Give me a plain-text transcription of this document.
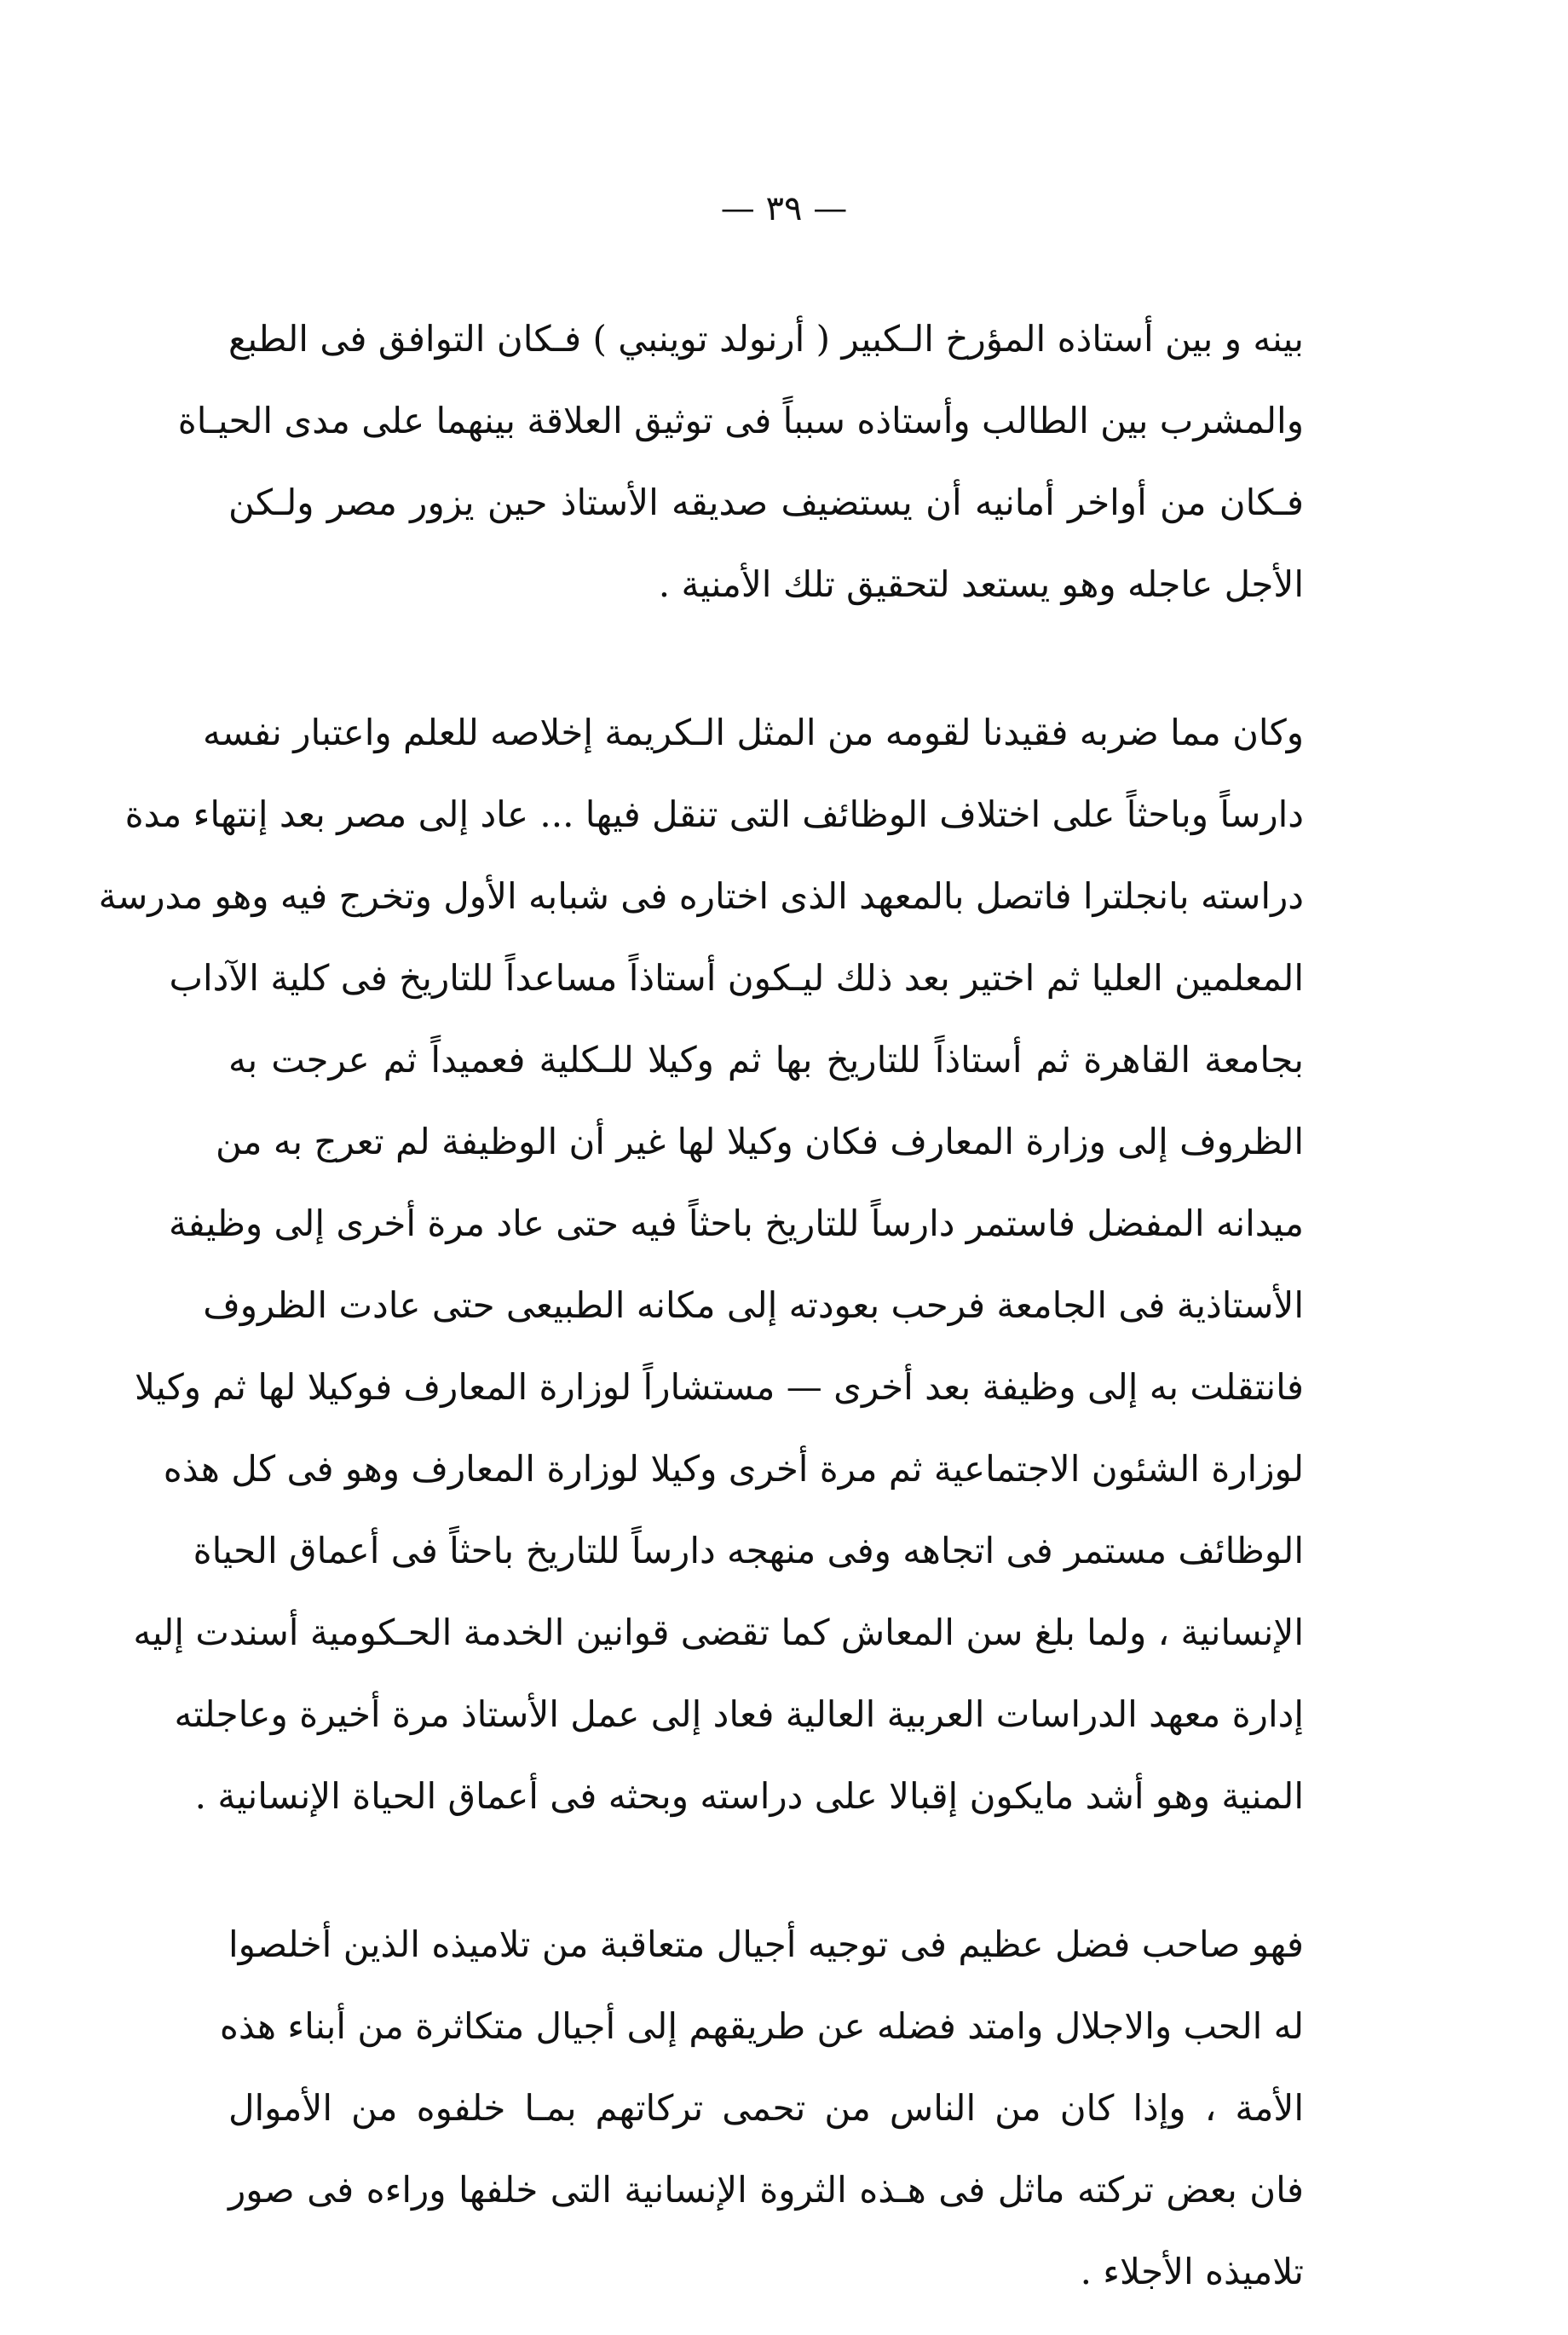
— ٣٩ —
بينه و بين أستاذه المؤرخ الـكبير ( أرنولد توينبي ) فـكان التوافق فى الطبع
والمشرب بين الطالب وأستاذه سبباً فى توثيق العلاقة بينهما على مدى الحيـاة
فـكان من أواخر أمانيه أن يستضيف صديقه الأستاذ حين يزور مصر ولـكن
الأجل عاجله وهو يستعد لتحقيق تلك الأمنية .
وكان مما ضربه فقيدنا لقومه من المثل الـكريمة إخلاصه للعلم واعتبار نفسه
دارساً وباحثاً على اختلاف الوظائف التى تنقل فيها ... عاد إلى مصر بعد إنتهاء مدة
دراسته بانجلترا فاتصل بالمعهد الذى اختاره فى شبابه الأول وتخرج فيه وهو مدرسة
المعلمين العليا ثم اختير بعد ذلك ليـكون أستاذاً مساعداً للتاريخ فى كلية الآداب
بجامعة القاهرة ثم أستاذاً للتاريخ بها ثم وكيلا للـكلية فعميداً ثم عرجت به
الظروف إلى وزارة المعارف فكان وكيلا لها غير أن الوظيفة لم تعرج به من
ميدانه المفضل فاستمر دارساً للتاريخ باحثاً فيه حتى عاد مرة أخرى إلى وظيفة
الأستاذية فى الجامعة فرحب بعودته إلى مكانه الطبيعى حتى عادت الظروف
فانتقلت به إلى وظيفة بعد أخرى — مستشاراً لوزارة المعارف فوكيلا لها ثم وكيلا
لوزارة الشئون الاجتماعية ثم مرة أخرى وكيلا لوزارة المعارف وهو فى كل هذه
الوظائف مستمر فى اتجاهه وفى منهجه دارساً للتاريخ باحثاً فى أعماق الحياة
الإنسانية ، ولما بلغ سن المعاش كما تقضى قوانين الخدمة الحـكومية أسندت إليه
إدارة معهد الدراسات العربية العالية فعاد إلى عمل الأستاذ مرة أخيرة وعاجلته
المنية وهو أشد مايكون إقبالا على دراسته وبحثه فى أعماق الحياة الإنسانية .
فهو صاحب فضل عظيم فى توجيه أجيال متعاقبة من تلاميذه الذين أخلصوا
له الحب والاجلال وامتد فضله عن طريقهم إلى أجيال متكاثرة من أبناء هذه
الأمة ، وإذا كان من الناس من تحمى تركاتهم بمـا خلفوه من الأموال
فان بعض تركته ماثل فى هـذه الثروة الإنسانية التى خلفها وراءه فى صور
تلاميذه الأجلاء .
